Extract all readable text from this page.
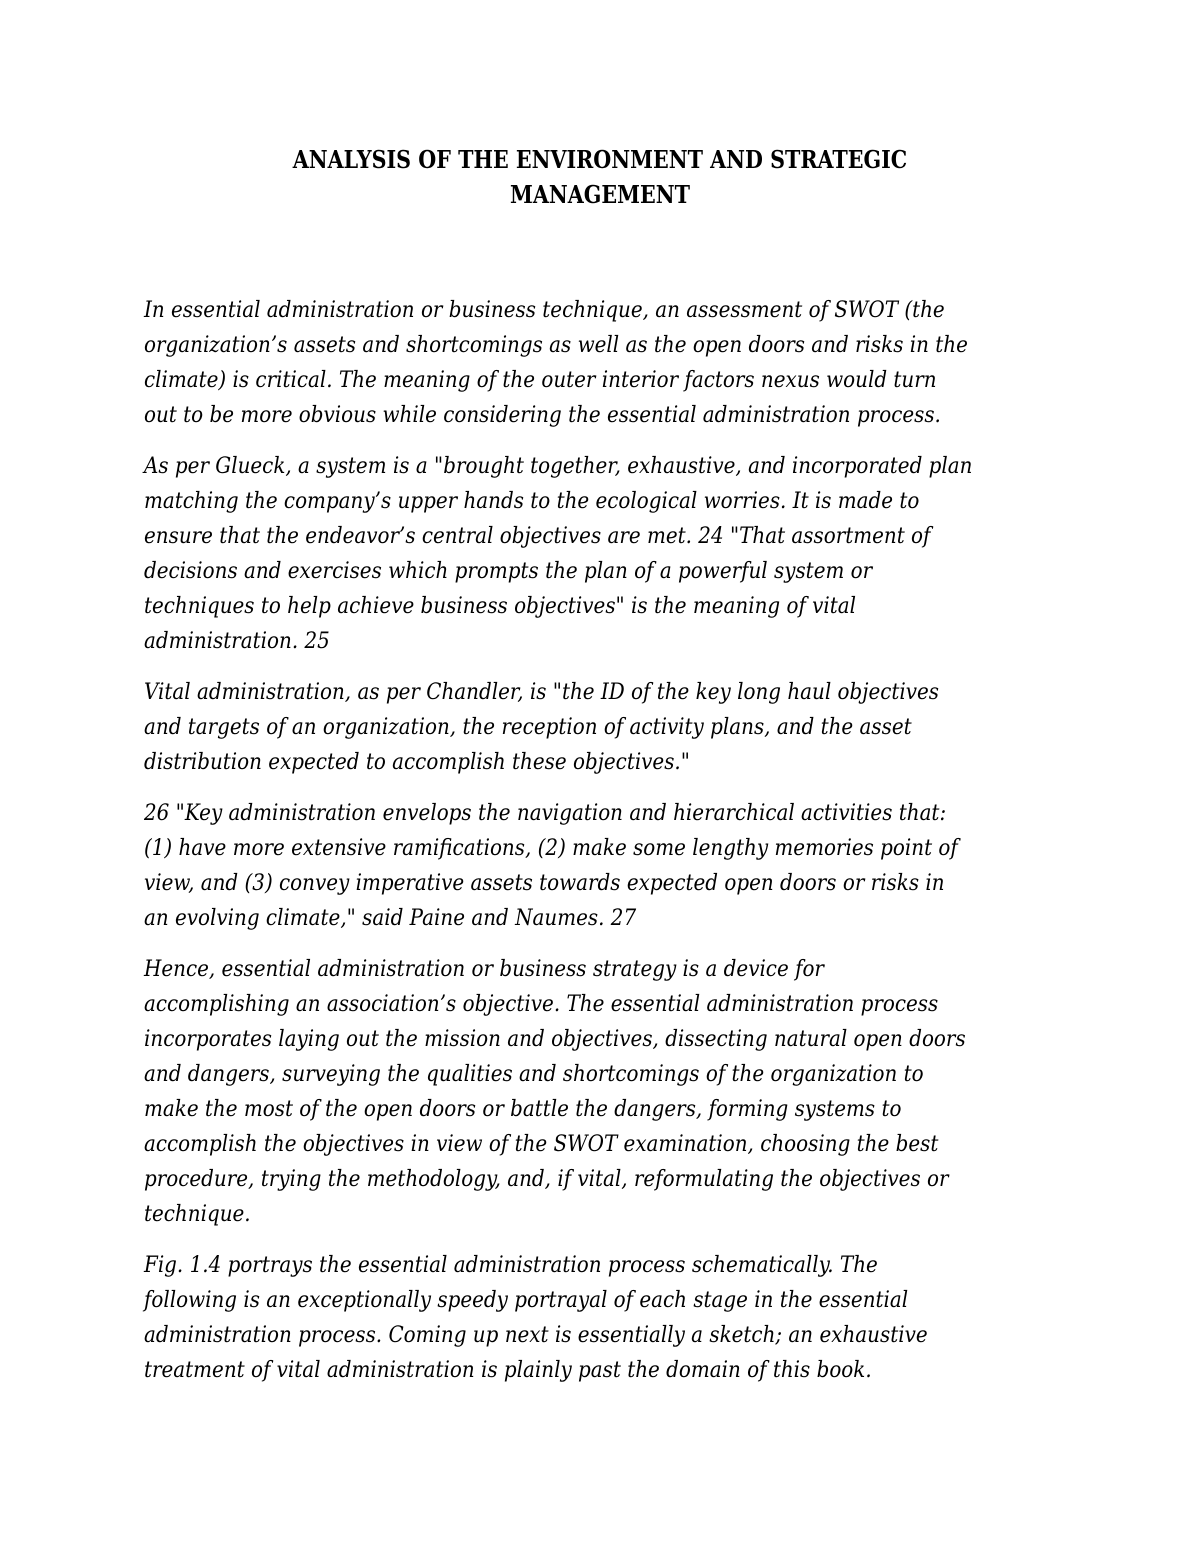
ANALYSIS OF THE ENVIRONMENT AND STRATEGIC
MANAGEMENT

In essential administration or business technique, an assessment of SWOT (the
organization’s assets and shortcomings as well as the open doors and risks in the
climate) is critical. The meaning of the outer interior factors nexus would turn
out to be more obvious while considering the essential administration process.

As per Glueck, a system is a "brought together, exhaustive, and incorporated plan
matching the company’s upper hands to the ecological worries. It is made to
ensure that the endeavor’s central objectives are met. 24 "That assortment of
decisions and exercises which prompts the plan of a powerful system or
techniques to help achieve business objectives" is the meaning of vital
administration. 25

Vital administration, as per Chandler, is "the ID of the key long haul objectives
and targets of an organization, the reception of activity plans, and the asset
distribution expected to accomplish these objectives."

26 "Key administration envelops the navigation and hierarchical activities that:
(1) have more extensive ramifications, (2) make some lengthy memories point of
view, and (3) convey imperative assets towards expected open doors or risks in
an evolving climate," said Paine and Naumes. 27

Hence, essential administration or business strategy is a device for
accomplishing an association’s objective. The essential administration process
incorporates laying out the mission and objectives, dissecting natural open doors
and dangers, surveying the qualities and shortcomings of the organization to
make the most of the open doors or battle the dangers, forming systems to
accomplish the objectives in view of the SWOT examination, choosing the best
procedure, trying the methodology, and, if vital, reformulating the objectives or
technique.

Fig. 1.4 portrays the essential administration process schematically. The
following is an exceptionally speedy portrayal of each stage in the essential
administration process. Coming up next is essentially a sketch; an exhaustive
treatment of vital administration is plainly past the domain of this book.
